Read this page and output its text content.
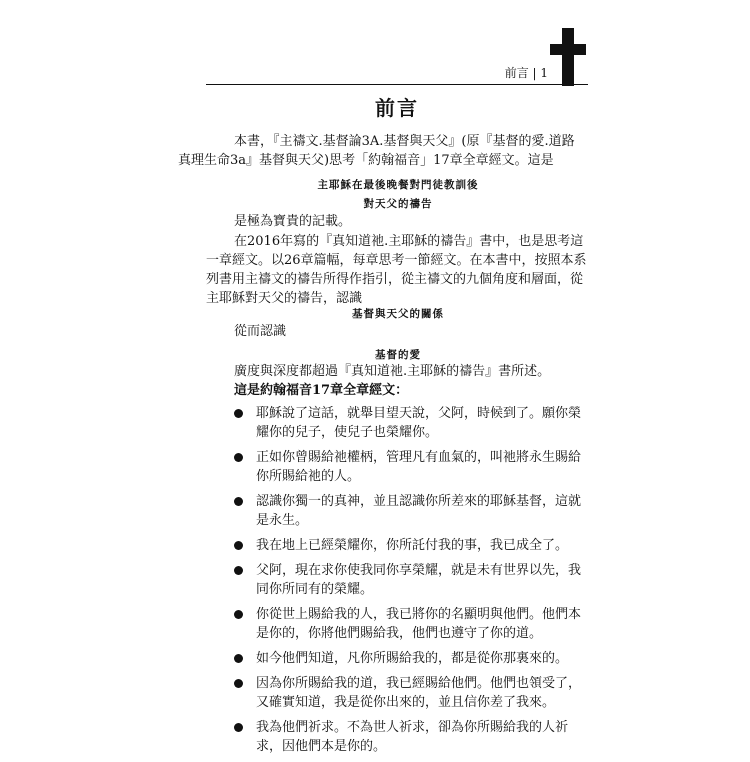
前言 | 1
前言
本書，『主禱文.基督論3A.基督與天父』(原『基督的愛.道路
真理生命3a』基督與天父)思考「約翰福音」17章全章經文。這是
主耶穌在最後晚餐對門徒教訓後
對天父的禱告
是極為寶貴的記載。
在2016年寫的『真知道祂.主耶穌的禱告』書中，也是思考這一章經文。以26章篇幅，每章思考一節經文。在本書中，按照本系列書用主禱文的禱告所得作指引，從主禱文的九個角度和層面，從主耶穌對天父的禱告，認識
基督與天父的關係
從而認識
基督的愛
廣度與深度都超過『真知道祂.主耶穌的禱告』書所述。
這是約翰福音17章全章經文：
耶穌說了這話，就舉目望天說，父阿，時候到了。願你榮耀你的兒子，使兒子也榮耀你。
正如你曾賜給祂權柄，管理凡有血氣的，叫祂將永生賜給你所賜給祂的人。
認識你獨一的真神，並且認識你所差來的耶穌基督，這就是永生。
我在地上已經榮耀你，你所託付我的事，我已成全了。
父阿，現在求你使我同你享榮耀，就是未有世界以先，我同你所同有的榮耀。
你從世上賜給我的人，我已將你的名顯明與他們。他們本是你的，你將他們賜給我，他們也遵守了你的道。
如今他們知道，凡你所賜給我的，都是從你那裏來的。
因為你所賜給我的道，我已經賜給他們。他們也領受了，又確實知道，我是從你出來的，並且信你差了我來。
我為他們祈求。不為世人祈求，卻為你所賜給我的人祈求，因他們本是你的。
